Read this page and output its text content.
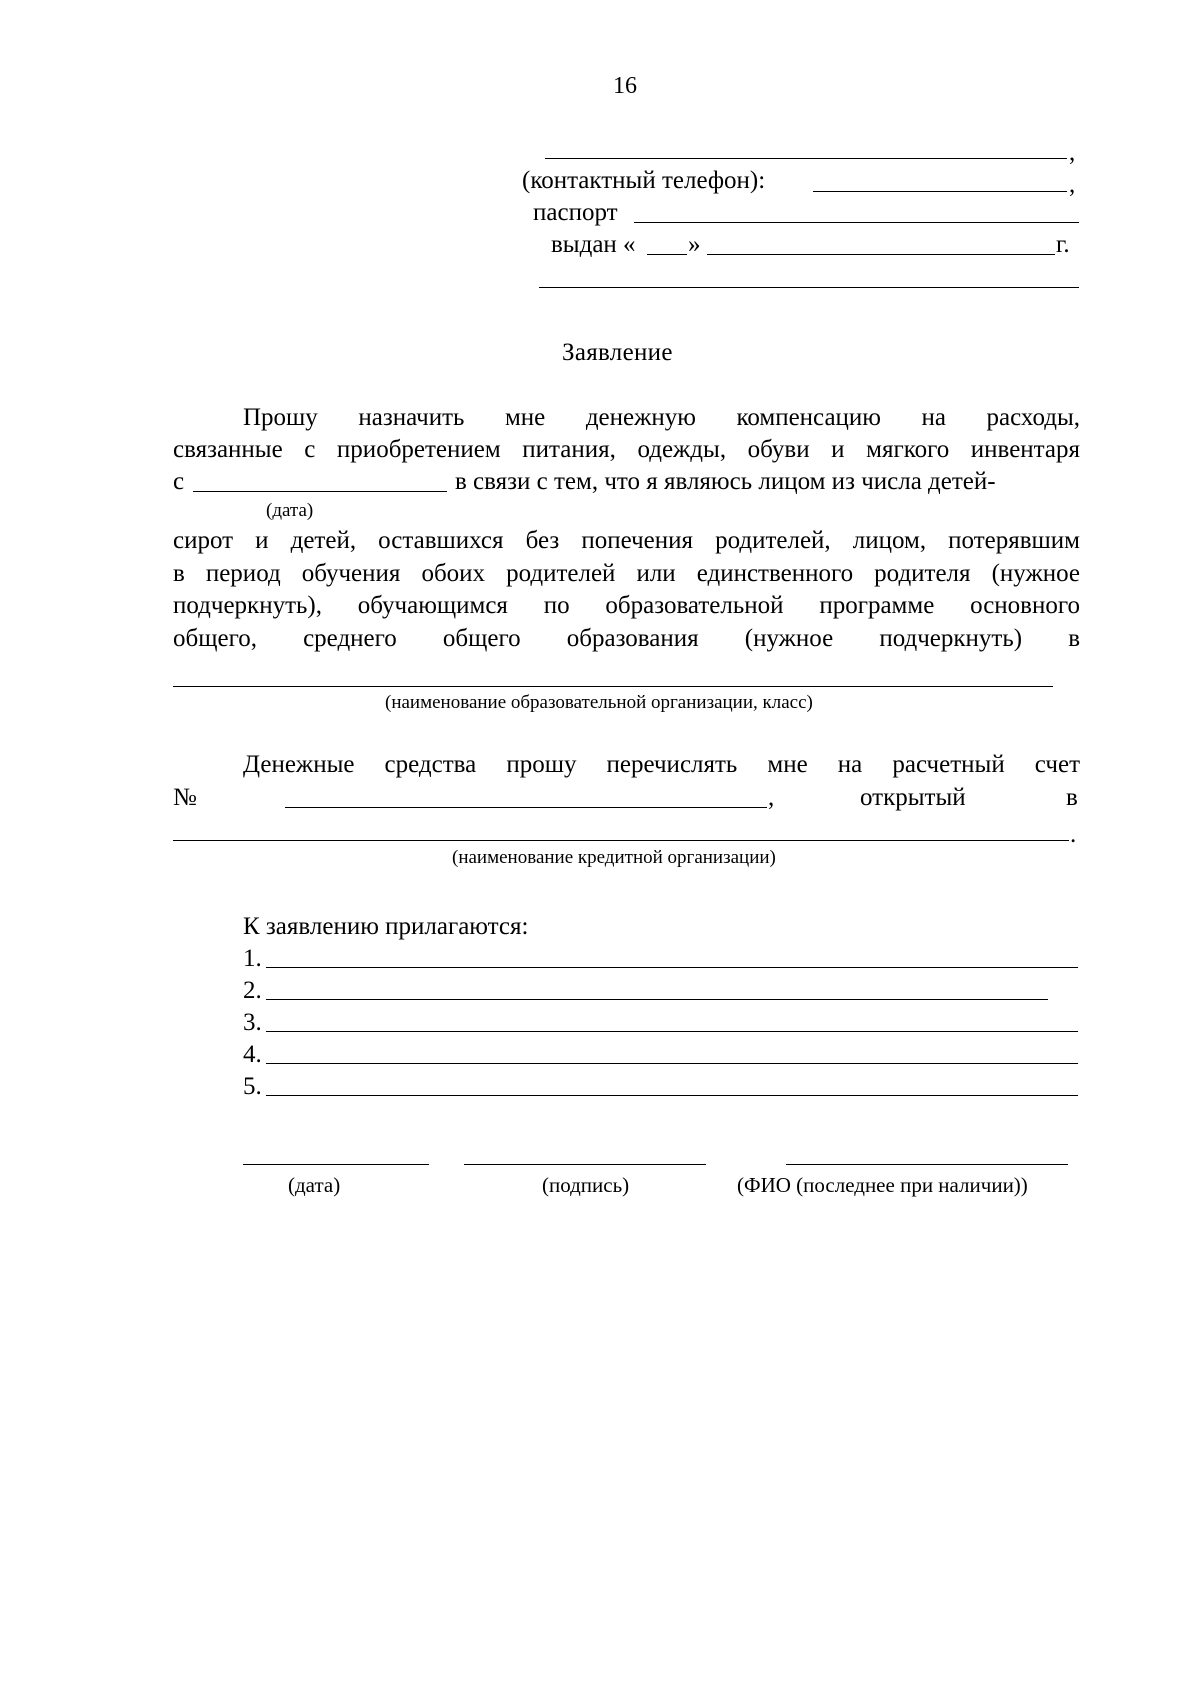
16
,
(контактный телефон):	,
паспорт
выдан « »	г.
Заявление
Прошу назначить мне денежную компенсацию на расходы,
связанные с приобретением питания, одежды, обуви и мягкого инвентаря
с	в связи с тем, что я являюсь лицом из числа детей-
(дата)
сирот и детей, оставшихся без попечения родителей, лицом, потерявшим
в период обучения обоих родителей или единственного родителя (нужное
подчеркнуть), обучающимся по образовательной программе основного
общего, среднего общего образования (нужное подчеркнуть) в
(наименование образовательной организации, класс)
Денежные средства прошу перечислять мне на расчетный счет
№	,	открытый	в
.
(наименование кредитной организации)
К заявлению прилагаются:
1.
2.
3.
4.
5.
(дата)	(подпись)	(ФИО (последнее при наличии))
